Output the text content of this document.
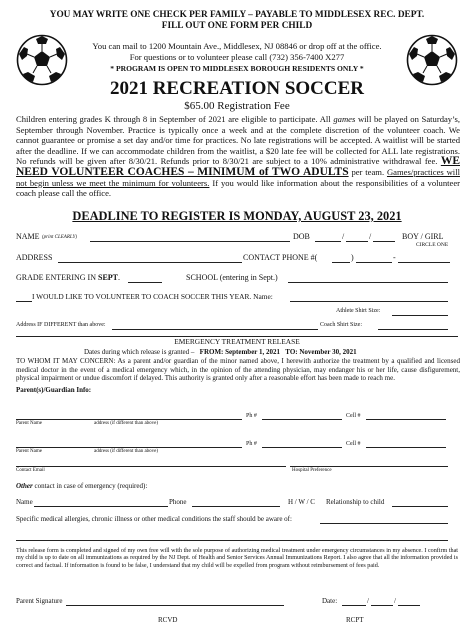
YOU MAY WRITE ONE CHECK PER FAMILY – PAYABLE TO MIDDLESEX REC. DEPT.
FILL OUT ONE FORM PER CHILD
You can mail to 1200 Mountain Ave., Middlesex, NJ 08846 or drop off at the office.
For questions or to volunteer please call (732) 356-7400 X277
* PROGRAM IS OPEN TO MIDDLESEX BOROUGH RESIDENTS ONLY *
2021 RECREATION SOCCER
$65.00 Registration Fee
Children entering grades K through 8 in September of 2021 are eligible to participate. All games will be played on Saturday’s, September through November. Practice is typically once a week and at the complete discretion of the volunteer coach. We cannot guarantee or promise a set day and/or time for practices. No late registrations will be accepted. A waitlist will be started after the deadline. If we can accommodate children from the waitlist, a $20 late fee will be collected for ALL late registrations. No refunds will be given after 8/30/21. Refunds prior to 8/30/21 are subject to a 10% administrative withdrawal fee. WE NEED VOLUNTEER COACHES – MINIMUM of TWO ADULTS per team. Games/practices will not begin unless we meet the minimum for volunteers. If you would like information about the responsibilities of a volunteer coach please call the office.
DEADLINE TO REGISTER IS MONDAY, AUGUST 23, 2021
NAME (print CLEARLY)	DOB	/	/	BOY / GIRL
CIRCLE ONE
ADDRESS	CONTACT PHONE #(	)	-
GRADE ENTERING IN SEPT.	SCHOOL (entering in Sept.)
I WOULD LIKE TO VOLUNTEER TO COACH SOCCER THIS YEAR. Name:
Athlete Shirt Size:
Address IF DIFFERENT than above:	Coach Shirt Size:
EMERGENCY TREATMENT RELEASE
Dates during which release is granted – FROM: September 1, 2021 TO: November 30, 2021
TO WHOM IT MAY CONCERN: As a parent and/or guardian of the minor named above, I herewith authorize the treatment by a qualified and licensed medical doctor in the event of a medical emergency which, in the opinion of the attending physician, may endanger his or her life, cause disfigurement, physical impairment or undue discomfort if delayed. This authority is granted only after a reasonable effort has been made to reach me.
Parent(s)/Guardian Info:
Ph #	Cell #
Parent Name	address (if different than above)
Ph #	Cell #
Parent Name	address (if different than above)
Contact Email	Hospital Preference
Other contact in case of emergency (required):
Name	Phone	H / W / C Relationship to child
Specific medical allergies, chronic illness or other medical conditions the staff should be aware of:
This release form is completed and signed of my own free will with the sole purpose of authorizing medical treatment under emergency circumstances in my absence. I confirm that my child is up to date on all immunizations as required by the NJ Dept. of Health and Senior Services Annual Immunizations Report. I also agree that all the information provided is correct and factual. If information is found to be false, I understand that my child will be expelled from program without reimbursement of fees paid.
Parent Signature	Date:	/	/
RCVD	RCPT
